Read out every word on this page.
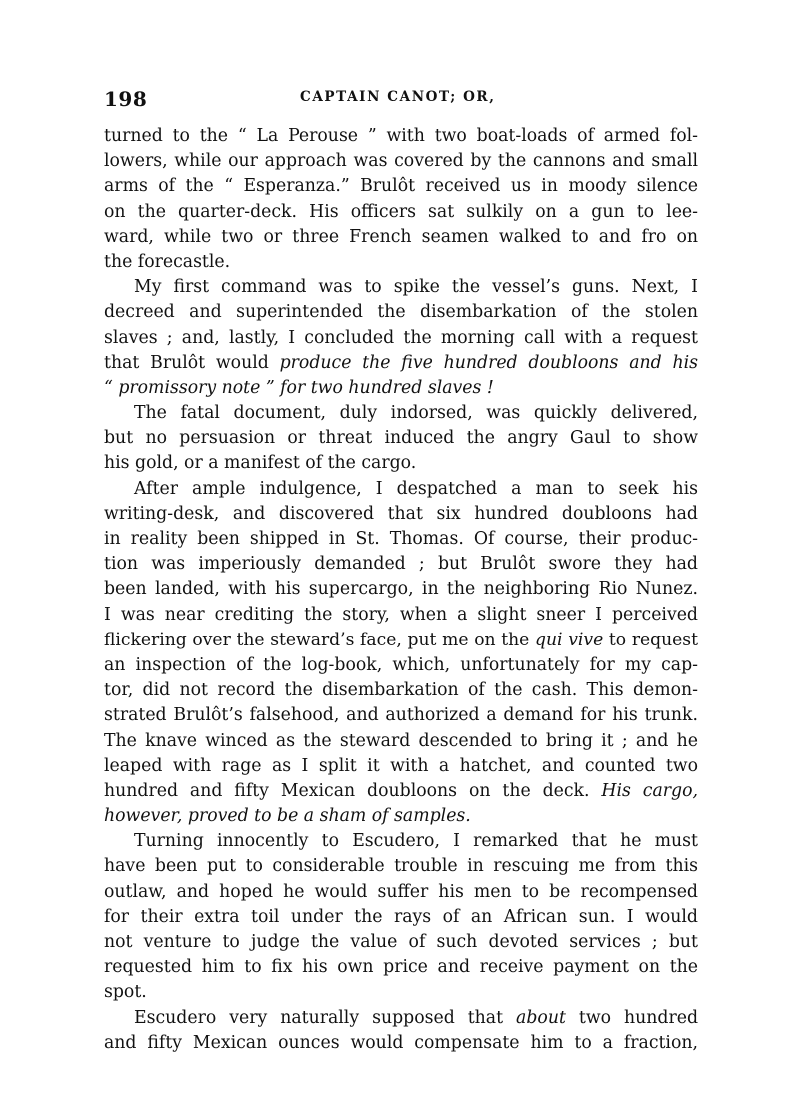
198	CAPTAIN CANOT; OR,
turned to the “ La Perouse ” with two boat-loads of armed fol-
lowers, while our approach was covered by the cannons and small
arms of the “ Esperanza.” Brulôt received us in moody silence
on the quarter-deck. His officers sat sulkily on a gun to lee-
ward, while two or three French seamen walked to and fro on
the forecastle.
My first command was to spike the vessel’s guns. Next, I
decreed and superintended the disembarkation of the stolen
slaves ; and, lastly, I concluded the morning call with a request
that Brulôt would produce the five hundred doubloons and his
“ promissory note ” for two hundred slaves !
The fatal document, duly indorsed, was quickly delivered,
but no persuasion or threat induced the angry Gaul to show
his gold, or a manifest of the cargo.
After ample indulgence, I despatched a man to seek his
writing-desk, and discovered that six hundred doubloons had
in reality been shipped in St. Thomas. Of course, their produc-
tion was imperiously demanded ; but Brulôt swore they had
been landed, with his supercargo, in the neighboring Rio Nunez.
I was near crediting the story, when a slight sneer I perceived
flickering over the steward’s face, put me on the qui vive to request
an inspection of the log-book, which, unfortunately for my cap-
tor, did not record the disembarkation of the cash. This demon-
strated Brulôt’s falsehood, and authorized a demand for his trunk.
The knave winced as the steward descended to bring it ; and he
leaped with rage as I split it with a hatchet, and counted two
hundred and fifty Mexican doubloons on the deck. His cargo,
however, proved to be a sham of samples.
Turning innocently to Escudero, I remarked that he must
have been put to considerable trouble in rescuing me from this
outlaw, and hoped he would suffer his men to be recompensed
for their extra toil under the rays of an African sun. I would
not venture to judge the value of such devoted services ; but
requested him to fix his own price and receive payment on the
spot.
Escudero very naturally supposed that about two hundred
and fifty Mexican ounces would compensate him to a fraction,
